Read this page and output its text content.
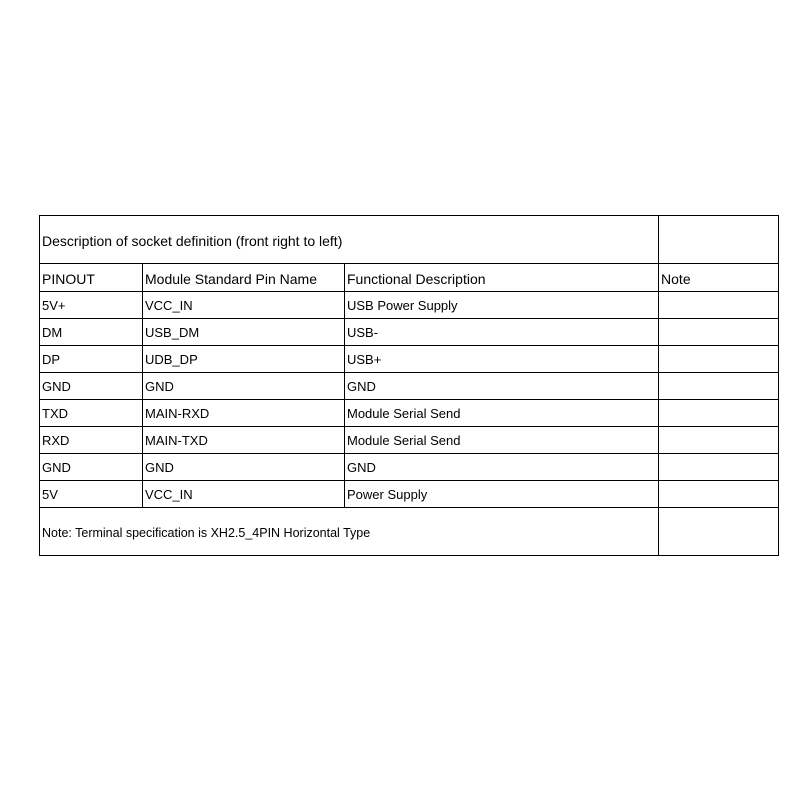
Description of socket definition (front right to left)			
PINOUT	Module Standard Pin Name	Functional Description	Note
5V+	VCC_IN	USB Power Supply	
DM	USB_DM	USB-	
DP	UDB_DP	USB+	
GND	GND	GND	
TXD	MAIN-RXD	Module Serial Send	
RXD	MAIN-TXD	Module Serial Send	
GND	GND	GND	
5V	VCC_IN	Power Supply	
Note: Terminal specification is XH2.5_4PIN Horizontal Type			
